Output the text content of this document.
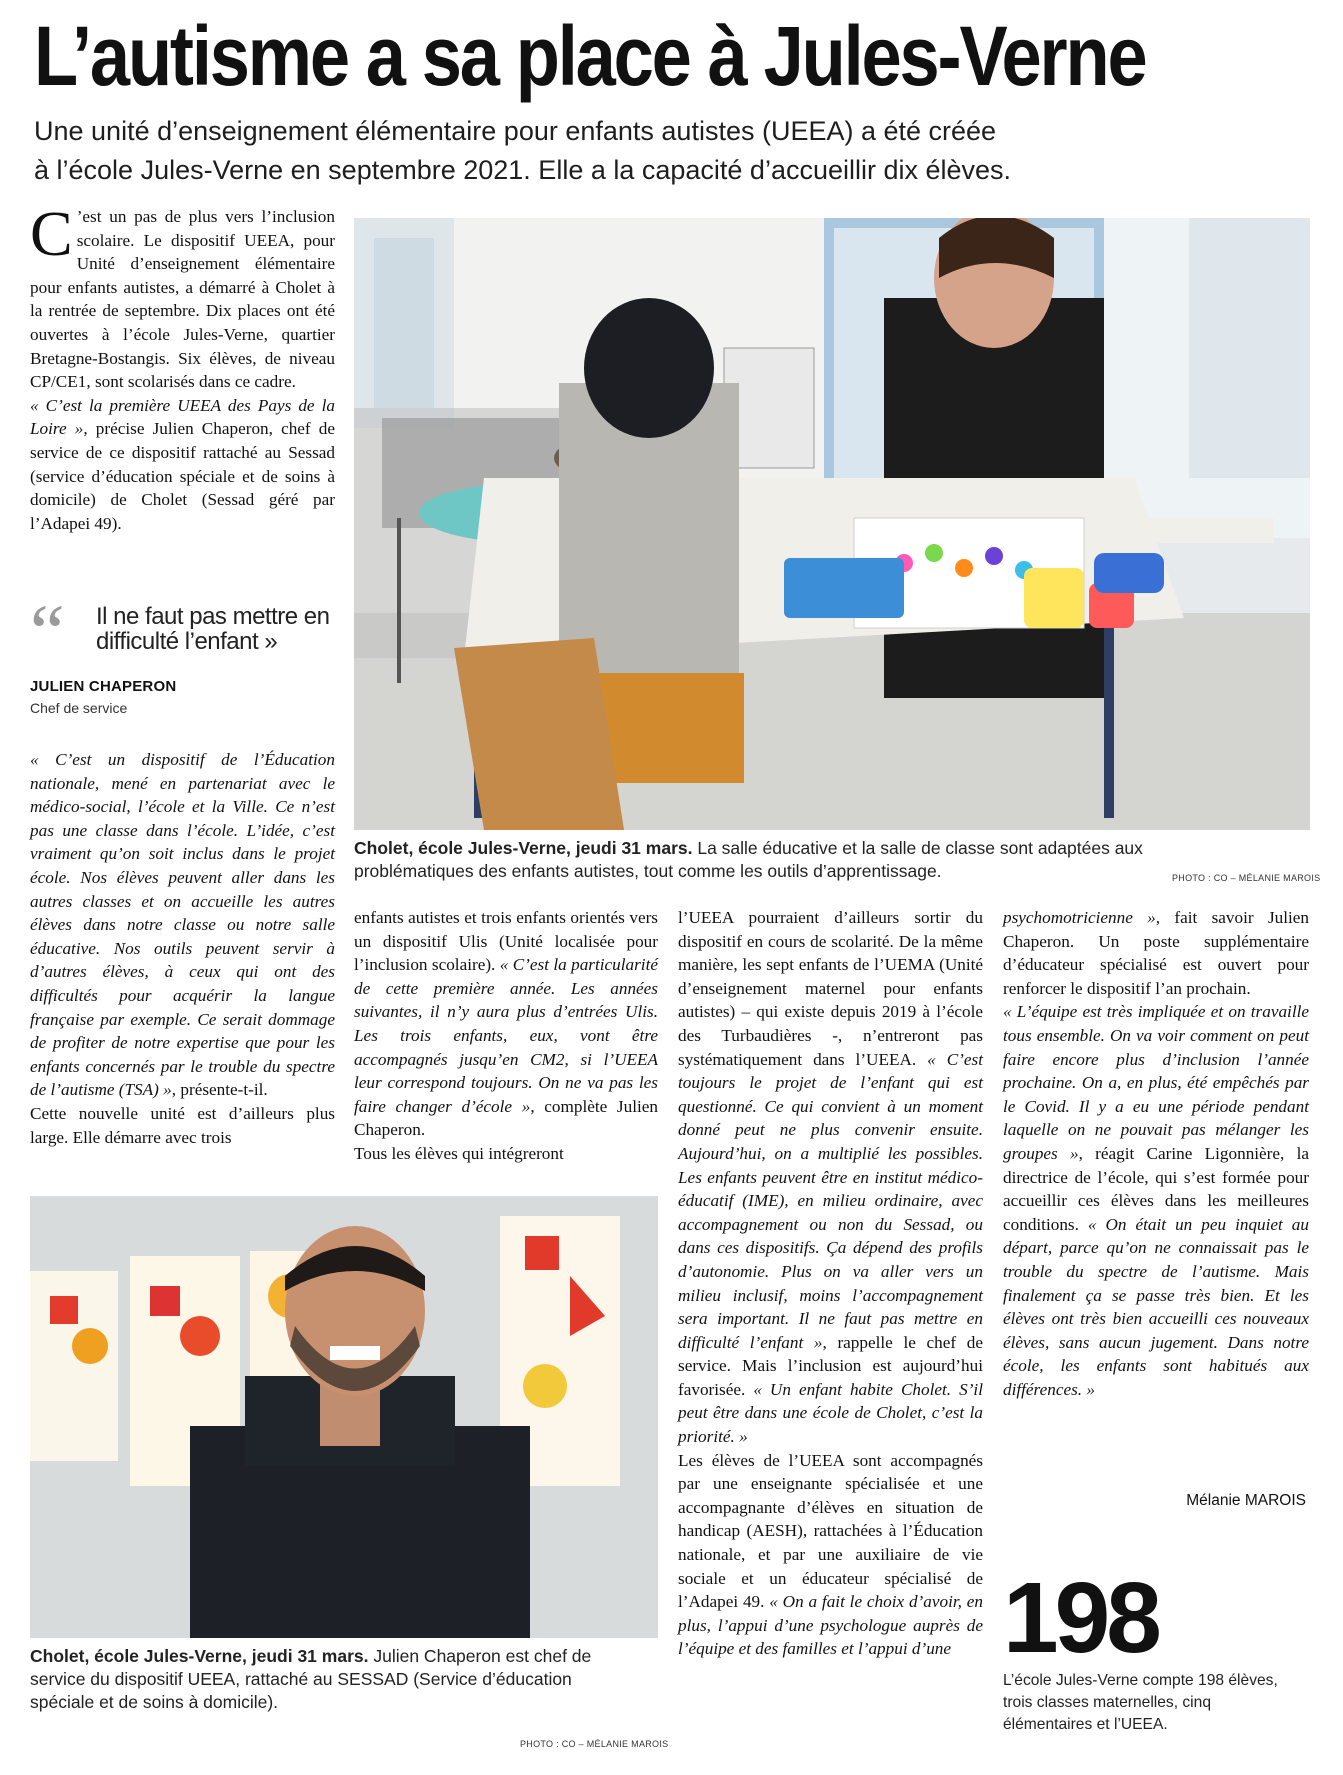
L’autisme a sa place à Jules-Verne
Une unité d’enseignement élémentaire pour enfants autistes (UEEA) a été créée
à l’école Jules-Verne en septembre 2021. Elle a la capacité d’accueillir dix élèves.

C ’est un pas de plus vers l’inclusion scolaire. Le dispositif UEEA, pour Unité d’enseignement élémentaire pour enfants autistes, a démarré à Cholet à la rentrée de septembre. Dix places ont été ouvertes à l’école Jules-Verne, quartier Bretagne-Bostangis. Six élèves, de niveau CP/CE1, sont scolarisés dans ce cadre.

« C’est la première UEEA des Pays de la Loire », précise Julien Chaperon, chef de service de ce dispositif rattaché au Sessad (service d’éducation spéciale et de soins à domicile) de Cholet (Sessad géré par l’Adapei 49).

“ Il ne faut pas mettre en difficulté l’enfant »
JULIEN CHAPERON
Chef de service

« C’est un dispositif de l’Éducation nationale, mené en partenariat avec le médico-social, l’école et la Ville. Ce n’est pas une classe dans l’école. L’idée, c’est vraiment qu’on soit inclus dans le projet école. Nos élèves peuvent aller dans les autres classes et on accueille les autres élèves dans notre classe ou notre salle éducative. Nos outils peuvent servir à d’autres élèves, à ceux qui ont des difficultés pour acquérir la langue française par exemple. Ce serait dommage de profiter de notre expertise que pour les enfants concernés par le trouble du spectre de l’autisme (TSA) », présente-t-il.

Cette nouvelle unité est d’ailleurs plus large. Elle démarre avec trois

Cholet, école Jules-Verne, jeudi 31 mars. La salle éducative et la salle de classe sont adaptées aux problématiques des enfants autistes, tout comme les outils d’apprentissage.	PHOTO : CO – MÉLANIE MAROIS

enfants autistes et trois enfants orientés vers un dispositif Ulis (Unité localisée pour l’inclusion scolaire). « C’est la particularité de cette première année. Les années suivantes, il n’y aura plus d’entrées Ulis. Les trois enfants, eux, vont être accompagnés jusqu’en CM2, si l’UEEA leur correspond toujours. On ne va pas les faire changer d’école », complète Julien Chaperon.

Tous les élèves qui intégreront

l’UEEA pourraient d’ailleurs sortir du dispositif en cours de scolarité. De la même manière, les sept enfants de l’UEMA (Unité d’enseignement maternel pour enfants autistes) – qui existe depuis 2019 à l’école des Turbaudières -, n’entreront pas systématiquement dans l’UEEA. « C’est toujours le projet de l’enfant qui est questionné. Ce qui convient à un moment donné peut ne plus convenir ensuite. Aujourd’hui, on a multiplié les possibles. Les enfants peuvent être en institut médico-éducatif (IME), en milieu ordinaire, avec accompagnement ou non du Sessad, ou dans ces dispositifs. Ça dépend des profils d’autonomie. Plus on va aller vers un milieu inclusif, moins l’accompagnement sera important. Il ne faut pas mettre en difficulté l’enfant », rappelle le chef de service. Mais l’inclusion est aujourd’hui favorisée. « Un enfant habite Cholet. S’il peut être dans une école de Cholet, c’est la priorité. »

Les élèves de l’UEEA sont accompagnés par une enseignante spécialisée et une accompagnante d’élèves en situation de handicap (AESH), rattachées à l’Éducation nationale, et par une auxiliaire de vie sociale et un éducateur spécialisé de l’Adapei 49. « On a fait le choix d’avoir, en plus, l’appui d’une psychologue auprès de l’équipe et des familles et l’appui d’une

psychomotricienne », fait savoir Julien Chaperon. Un poste supplémentaire d’éducateur spécialisé est ouvert pour renforcer le dispositif l’an prochain.

« L’équipe est très impliquée et on travaille tous ensemble. On va voir comment on peut faire encore plus d’inclusion l’année prochaine. On a, en plus, été empêchés par le Covid. Il y a eu une période pendant laquelle on ne pouvait pas mélanger les groupes », réagit Carine Ligonnière, la directrice de l’école, qui s’est formée pour accueillir ces élèves dans les meilleures conditions. « On était un peu inquiet au départ, parce qu’on ne connaissait pas le trouble du spectre de l’autisme. Mais finalement ça se passe très bien. Et les élèves ont très bien accueilli ces nouveaux élèves, sans aucun jugement. Dans notre école, les enfants sont habitués aux différences. »

Mélanie MAROIS
Cholet, école Jules-Verne, jeudi 31 mars. Julien Chaperon est chef de service du dispositif UEEA, rattaché au SESSAD (Service d’éducation spéciale et de soins à domicile).
PHOTO : CO – MÉLANIE MAROIS
198
L’école Jules-Verne compte 198 élèves, trois classes maternelles, cinq élémentaires et l’UEEA.
